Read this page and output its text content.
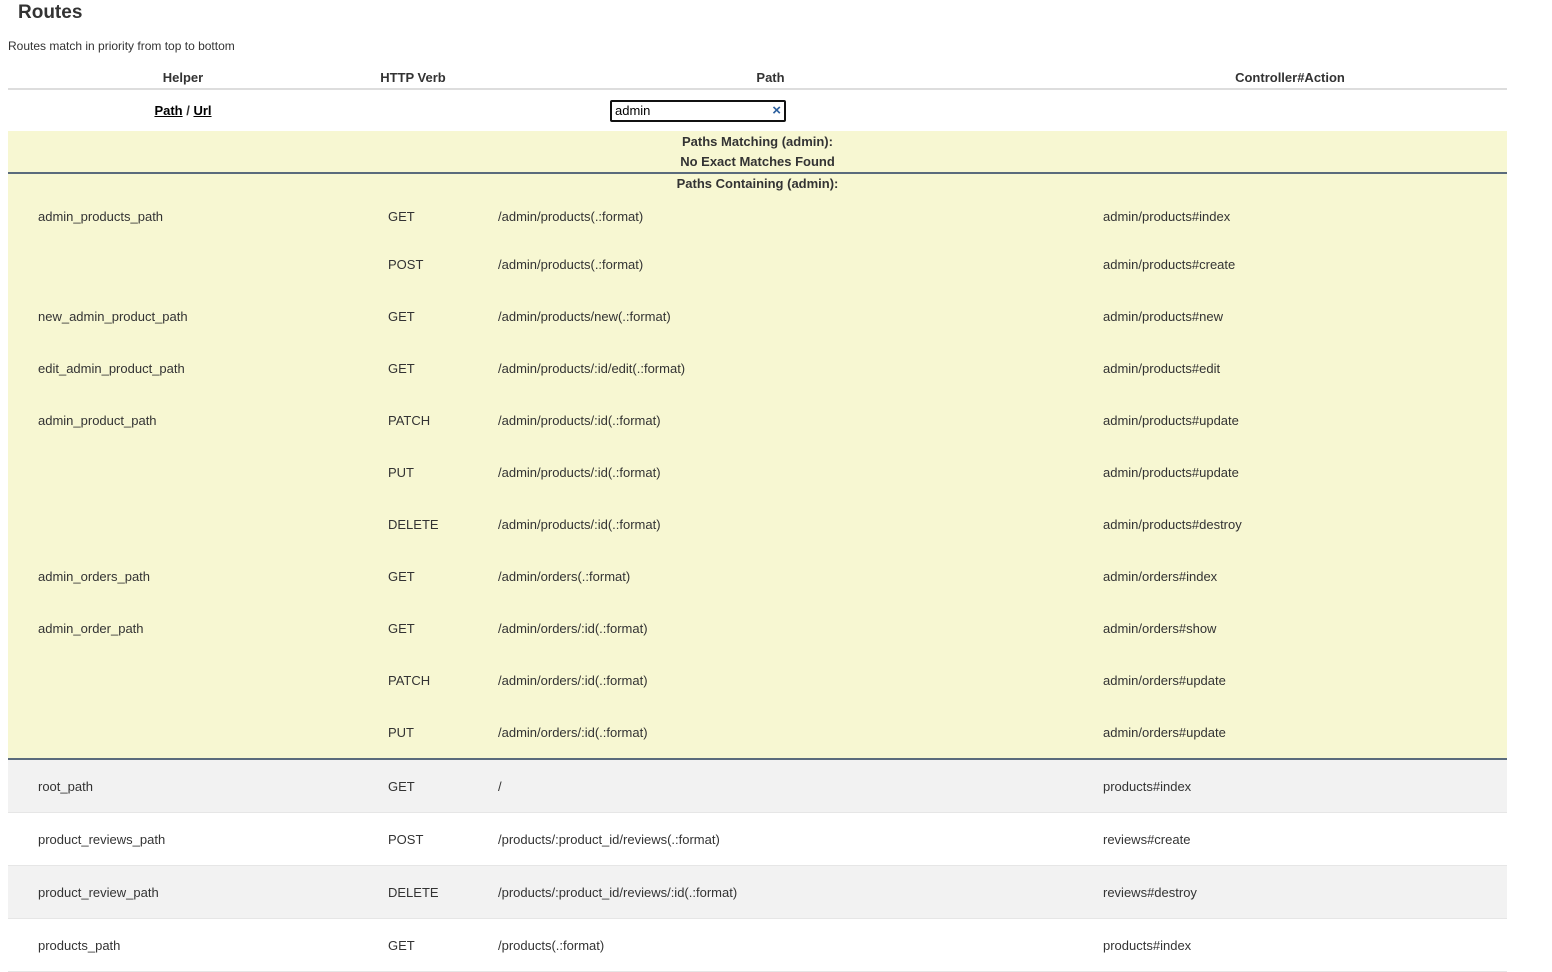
Routes
Routes match in priority from top to bottom
Helper	HTTP Verb	Path	Controller#Action
Path / Url		
admin×

Paths Matching (admin):
No Exact Matches Found			

Paths Containing (admin):			
admin_products_path	GET	/admin/products(.:format)	admin/products#index
	POST	/admin/products(.:format)	admin/products#create
new_admin_product_path	GET	/admin/products/new(.:format)	admin/products#new
edit_admin_product_path	GET	/admin/products/:id/edit(.:format)	admin/products#edit
admin_product_path	PATCH	/admin/products/:id(.:format)	admin/products#update
	PUT	/admin/products/:id(.:format)	admin/products#update
	DELETE	/admin/products/:id(.:format)	admin/products#destroy
admin_orders_path	GET	/admin/orders(.:format)	admin/orders#index
admin_order_path	GET	/admin/orders/:id(.:format)	admin/orders#show
	PATCH	/admin/orders/:id(.:format)	admin/orders#update
	PUT	/admin/orders/:id(.:format)	admin/orders#update
root_path	GET	/	products#index
product_reviews_path	POST	/products/:product_id/reviews(.:format)	reviews#create
product_review_path	DELETE	/products/:product_id/reviews/:id(.:format)	reviews#destroy
products_path	GET	/products(.:format)	products#index
